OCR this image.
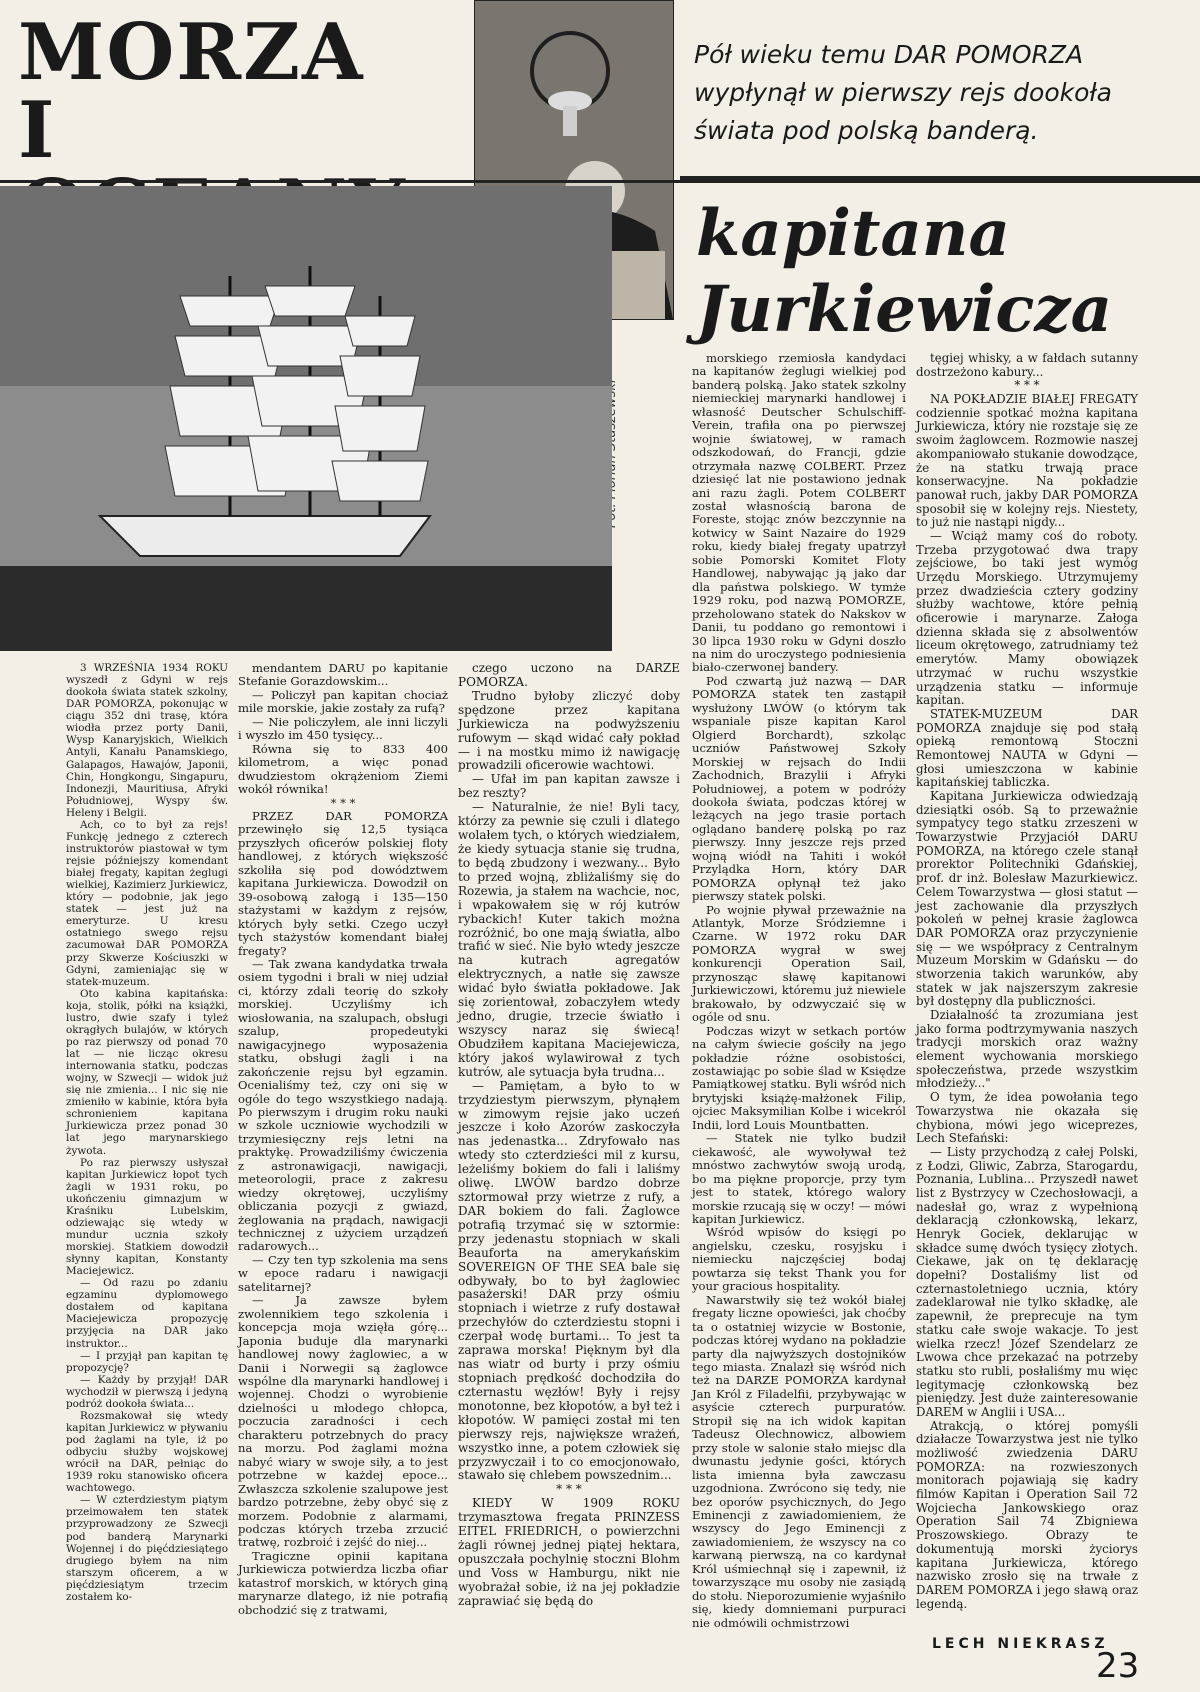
MORZA
I
Pół wieku temu DAR POMORZA wypłynął w pierwszy rejs dookoła świata pod polską banderą.
kapitana
Jurkiewicza

3 WRZEŚNIA 1934 ROKU wyszedł z Gdyni w rejs dookoła świata statek szkolny, DAR POMORZA, pokonując w ciągu 352 dni trasę, która wiodła przez porty Danii, Wysp Kanaryjskich, Wielkich Antyli, Kanału Panamskiego, Galapagos, Hawajów, Japonii, Chin, Hongkongu, Singapuru, Indonezji, Mauritiusa, Afryki Południowej, Wyspy św. Heleny i Belgii.

Ach, co to był za rejs! Funkcję jednego z czterech instruktorów piastował w tym rejsie późniejszy komendant białej fregaty, kapitan żeglugi wielkiej, Kazimierz Jurkiewicz, który — podobnie, jak jego statek — jest już na emeryturze. U kresu ostatniego swego rejsu zacumował DAR POMORZA przy Skwerze Kościuszki w Gdyni, zamieniając się w statek-muzeum.

Oto kabina kapitańska: koja, stolik, półki na książki, lustro, dwie szafy i tyleż okrągłych bulajów, w których po raz pierwszy od ponad 70 lat — nie licząc okresu internowania statku, podczas wojny, w Szwecji — widok już się nie zmienia... I nic się nie zmieniło w kabinie, która była schronieniem kapitana Jurkiewicza przez ponad 30 lat jego marynarskiego żywota.

Po raz pierwszy usłyszał kapitan Jurkiewicz łopot tych żagli w 1931 roku, po ukończeniu gimnazjum w Kraśniku Lubelskim, odziewając się wtedy w mundur ucznia szkoły morskiej. Statkiem dowodził słynny kapitan, Konstanty Maciejewicz.

— Od razu po zdaniu egzaminu dyplomowego dostałem od kapitana Maciejewicza propozycję przyjęcia na DAR jako instruktor...

— I przyjął pan kapitan tę propozycję?

— Każdy by przyjął! DAR wychodził w pierwszą i jedyną podróż dookoła świata...

Rozsmakował się wtedy kapitan Jurkiewicz w pływaniu pod żaglami na tyle, iż po odbyciu służby wojskowej wrócił na DAR, pełniąc do 1939 roku stanowisko oficera wachtowego.

— W czterdziestym piątym przeimowałem ten statek przyprowadzony ze Szwecji pod banderą Marynarki Wojennej i do pięćdziesiątego drugiego byłem na nim starszym oficerem, a w pięćdziesiątym trzecim zostałem ko-

mendantem DARU po kapitanie Stefanie Gorazdowskim...

— Policzył pan kapitan chociaż mile morskie, jakie zostały za rufą?

— Nie policzyłem, ale inni liczyli i wyszło im 450 tysięcy...

Równa się to 833 400 kilometrom, a więc ponad dwudziestom okrążeniom Ziemi wokół równika!

* * *

PRZEZ DAR POMORZA przewinęło się 12,5 tysiąca przyszłych oficerów polskiej floty handlowej, z których większość szkoliła się pod dowództwem kapitana Jurkiewicza. Dowodził on 39-osobową załogą i 135—150 stażystami w każdym z rejsów, których były setki. Czego uczył tych stażystów komendant białej fregaty?

— Tak zwana kandydatka trwała osiem tygodni i brali w niej udział ci, którzy zdali teorię do szkoły morskiej. Uczyliśmy ich wiosłowania, na szalupach, obsługi szalup, propedeutyki nawigacyjnego wyposażenia statku, obsługi żagli i na zakończenie rejsu był egzamin. Ocenialiśmy też, czy oni się w ogóle do tego wszystkiego nadają. Po pierwszym i drugim roku nauki w szkole uczniowie wychodzili w trzymiesięczny rejs letni na praktykę. Prowadziliśmy ćwiczenia z astronawigacji, nawigacji, meteorologii, prace z zakresu wiedzy okrętowej, uczyliśmy obliczania pozycji z gwiazd, żeglowania na prądach, nawigacji technicznej z użyciem urządzeń radarowych...

— Czy ten typ szkolenia ma sens w epoce radaru i nawigacji satelitarnej?

— Ja zawsze byłem zwolennikiem tego szkolenia i koncepcja moja wzięła górę... Japonia buduje dla marynarki handlowej nowy żaglowiec, a w Danii i Norwegii są żaglowce wspólne dla marynarki handlowej i wojennej. Chodzi o wyrobienie dzielności u młodego chłopca, poczucia zaradności i cech charakteru potrzebnych do pracy na morzu. Pod żaglami można nabyć wiary w swoje siły, a to jest potrzebne w każdej epoce... Zwłaszcza szkolenie szalupowe jest bardzo potrzebne, żeby obyć się z morzem. Podobnie z alarmami, podczas których trzeba zrzucić tratwę, rozbroić i zejść do niej...

Tragiczne opinii kapitana Jurkiewicza potwierdza liczba ofiar katastrof morskich, w których giną marynarze dlatego, iż nie potrafią obchodzić się z tratwami,

czego uczono na DARZE POMORZA.

Trudno byłoby zliczyć doby spędzone przez kapitana Jurkiewicza na podwyższeniu rufowym — skąd widać cały pokład — i na mostku mimo iż nawigację prowadzili oficerowie wachtowi.

— Ufał im pan kapitan zawsze i bez reszty?

— Naturalnie, że nie! Byli tacy, którzy za pewnie się czuli i dlatego wolałem tych, o których wiedziałem, że kiedy sytuacja stanie się trudna, to będą zbudzony i wezwany... Było to przed wojną, zbliżaliśmy się do Rozewia, ja stałem na wachcie, noc, i wpakowałem się w rój kutrów rybackich! Kuter takich można rozróżnić, bo one mają światła, albo trafić w sieć. Nie było wtedy jeszcze na kutrach agregatów elektrycznych, a natłe się zawsze widać było światła pokładowe. Jak się zorientował, zobaczyłem wtedy jedno, drugie, trzecie światło i wszyscy naraz się świecą! Obudziłem kapitana Maciejewicza, który jakoś wylawirował z tych kutrów, ale sytuacja była trudna...

— Pamiętam, a było to w trzydziestym pierwszym, płynąłem w zimowym rejsie jako uczeń jeszcze i koło Azorów zaskoczyła nas jedenastka... Zdryfowało nas wtedy sto czterdzieści mil z kursu, leżeliśmy bokiem do fali i laliśmy oliwę. LWÓW bardzo dobrze sztormował przy wietrze z rufy, a DAR bokiem do fali. Żaglowce potrafią trzymać się w sztormie: przy jedenastu stopniach w skali Beauforta na amerykańskim SOVEREIGN OF THE SEA bale się odbywały, bo to był żaglowiec pasażerski! DAR przy ośmiu stopniach i wietrze z rufy dostawał przechyłów do czterdziestu stopni i czerpał wodę burtami... To jest ta zaprawa morska! Pięknym był dla nas wiatr od burty i przy ośmiu stopniach prędkość dochodziła do czternastu węzłów! Były i rejsy monotonne, bez kłopotów, a był też i kłopotów. W pamięci został mi ten pierwszy rejs, największe wrażeń, wszystko inne, a potem człowiek się przyzwyczaił i to co emocjonowało, stawało się chlebem powszednim...

* * *

KIEDY W 1909 ROKU trzymasztowa fregata PRINZESS EITEL FRIEDRICH, o powierzchni żagli równej jednej piątej hektara, opuszczała pochylnię stoczni Blohm und Voss w Hamburgu, nikt nie wyobrażał sobie, iż na jej pokładzie zaprawiać się będą do

morskiego rzemiosła kandydaci na kapitanów żeglugi wielkiej pod banderą polską. Jako statek szkolny niemieckiej marynarki handlowej i własność Deutscher Schulschiff-Verein, trafiła ona po pierwszej wojnie światowej, w ramach odszkodowań, do Francji, gdzie otrzymała nazwę COLBERT. Przez dziesięć lat nie postawiono jednak ani razu żagli. Potem COLBERT został własnością barona de Foreste, stojąc znów bezczynnie na kotwicy w Saint Nazaire do 1929 roku, kiedy białej fregaty upatrzył sobie Pomorski Komitet Floty Handlowej, nabywając ją jako dar dla państwa polskiego. W tymże 1929 roku, pod nazwą POMORZE, przeholowano statek do Nakskov w Danii, tu poddano go remontowi i 30 lipca 1930 roku w Gdyni doszło na nim do uroczystego podniesienia biało-czerwonej bandery.

Pod czwartą już nazwą — DAR POMORZA statek ten zastąpił wysłużony LWÓW (o którym tak wspaniale pisze kapitan Karol Olgierd Borchardt), szkoląc uczniów Państwowej Szkoły Morskiej w rejsach do Indii Zachodnich, Brazylii i Afryki Południowej, a potem w podróży dookoła świata, podczas której w leżących na jego trasie portach oglądano banderę polską po raz pierwszy. Inny jeszcze rejs przed wojną wiódł na Tahiti i wokół Przylądka Horn, który DAR POMORZA opłynął też jako pierwszy statek polski.

Po wojnie pływał przeważnie na Atlantyk, Morze Śródziemne i Czarne. W 1972 roku DAR POMORZA wygrał w swej konkurencji Operation Sail, przynosząc sławę kapitanowi Jurkiewiczowi, któremu już niewiele brakowało, by odzwyczaić się w ogóle od snu.

Podczas wizyt w setkach portów na całym świecie gościły na jego pokładzie różne osobistości, zostawiając po sobie ślad w Księdze Pamiątkowej statku. Byli wśród nich brytyjski książę-małżonek Filip, ojciec Maksymilian Kolbe i wicekról Indii, lord Louis Mountbatten.

— Statek nie tylko budził ciekawość, ale wywoływał też mnóstwo zachwytów swoją urodą, bo ma piękne proporcje, przy tym jest to statek, którego walory morskie rzucają się w oczy! — mówi kapitan Jurkiewicz.

Wśród wpisów do księgi po angielsku, czesku, rosyjsku i niemiecku najczęściej bodaj powtarza się tekst Thank you for your gracious hospitality.

Nawarstwiły się też wokół białej fregaty liczne opowieści, jak choćby ta o ostatniej wizycie w Bostonie, podczas której wydano na pokładzie party dla najwyższych dostojników tego miasta. Znalazł się wśród nich też na DARZE POMORZA kardynał Jan Król z Filadelfii, przybywając w asyście czterech purpuratów. Stropił się na ich widok kapitan Tadeusz Olechnowicz, albowiem przy stole w salonie stało miejsc dla dwunastu jedynie gości, których lista imienna była zawczasu uzgodniona. Zwrócono się tedy, nie bez oporów psychicznych, do Jego Eminencji z zawiadomieniem, że wszyscy do Jego Eminencji z zawiadomieniem, że wszyscy na co karwaną pierwszą, na co kardynał Król uśmiechnął się i zapewnił, iż towarzyszące mu osoby nie zasiądą do stołu. Nieporozumienie wyjaśniło się, kiedy domniemani purpuraci nie odmówili ochmistrzowi

tęgiej whisky, a w fałdach sutanny dostrzeżono kabury...

* * *

NA POKŁADZIE BIAŁEJ FREGATY codziennie spotkać można kapitana Jurkiewicza, który nie rozstaje się ze swoim żaglowcem. Rozmowie naszej akompaniowało stukanie dowodzące, że na statku trwają prace konserwacyjne. Na pokładzie panował ruch, jakby DAR POMORZA sposobił się w kolejny rejs. Niestety, to już nie nastąpi nigdy...

— Wciąż mamy coś do roboty. Trzeba przygotować dwa trapy zejściowe, bo taki jest wymóg Urzędu Morskiego. Utrzymujemy przez dwadzieścia cztery godziny służby wachtowe, które pełnią oficerowie i marynarze. Załoga dzienna składa się z absolwentów liceum okrętowego, zatrudniamy też emerytów. Mamy obowiązek utrzymać w ruchu wszystkie urządzenia statku — informuje kapitan.

STATEK-MUZEUM DAR POMORZA znajduje się pod stałą opieką remontową Stoczni Remontowej NAUTA w Gdyni — głosi umieszczona w kabinie kapitańskiej tabliczka.

Kapitana Jurkiewicza odwiedzają dziesiątki osób. Są to przeważnie sympatycy tego statku zrzeszeni w Towarzystwie Przyjaciół DARU POMORZA, na którego czele stanął prorektor Politechniki Gdańskiej, prof. dr inż. Bolesław Mazurkiewicz. Celem Towarzystwa — głosi statut — jest zachowanie dla przyszłych pokoleń w pełnej krasie żaglowca DAR POMORZA oraz przyczynienie się — we współpracy z Centralnym Muzeum Morskim w Gdańsku — do stworzenia takich warunków, aby statek w jak najszerszym zakresie był dostępny dla publiczności.

Działalność ta zrozumiana jest jako forma podtrzymywania naszych tradycji morskich oraz ważny element wychowania morskiego społeczeństwa, przede wszystkim młodzieży..."

O tym, że idea powołania tego Towarzystwa nie okazała się chybiona, mówi jego wiceprezes, Lech Stefański:

— Listy przychodzą z całej Polski, z Łodzi, Gliwic, Zabrza, Starogardu, Poznania, Lublina... Przyszedł nawet list z Bystrzycy w Czechosłowacji, a nadesłał go, wraz z wypełnioną deklaracją członkowską, lekarz, Henryk Gociek, deklarując w składce sumę dwóch tysięcy złotych. Ciekawe, jak on tę deklarację dopełni? Dostaliśmy list od czternastoletniego ucznia, który zadeklarował nie tylko składkę, ale zapewnił, że preprecuje na tym statku całe swoje wakacje. To jest wielka rzecz! Józef Szendelarz ze Lwowa chce przekazać na potrzeby statku sto rubli, posłaliśmy mu więc legitymację członkowską bez pieniędzy. Jest duże zainteresowanie DAREM w Anglii i USA...

Atrakcją, o której pomyśli działacze Towarzystwa jest nie tylko możliwość zwiedzenia DARU POMORZA: na rozwieszonych monitorach pojawiają się kadry filmów Kapitan i Operation Sail 72 Wojciecha Jankowskiego oraz Operation Sail 74 Zbigniewa Proszowskiego. Obrazy te dokumentują morski życiorys kapitana Jurkiewicza, którego nazwisko zrosło się na trwałe z DAREM POMORZA i jego sławą oraz legendą.

LECH NIEKRASZ
23
